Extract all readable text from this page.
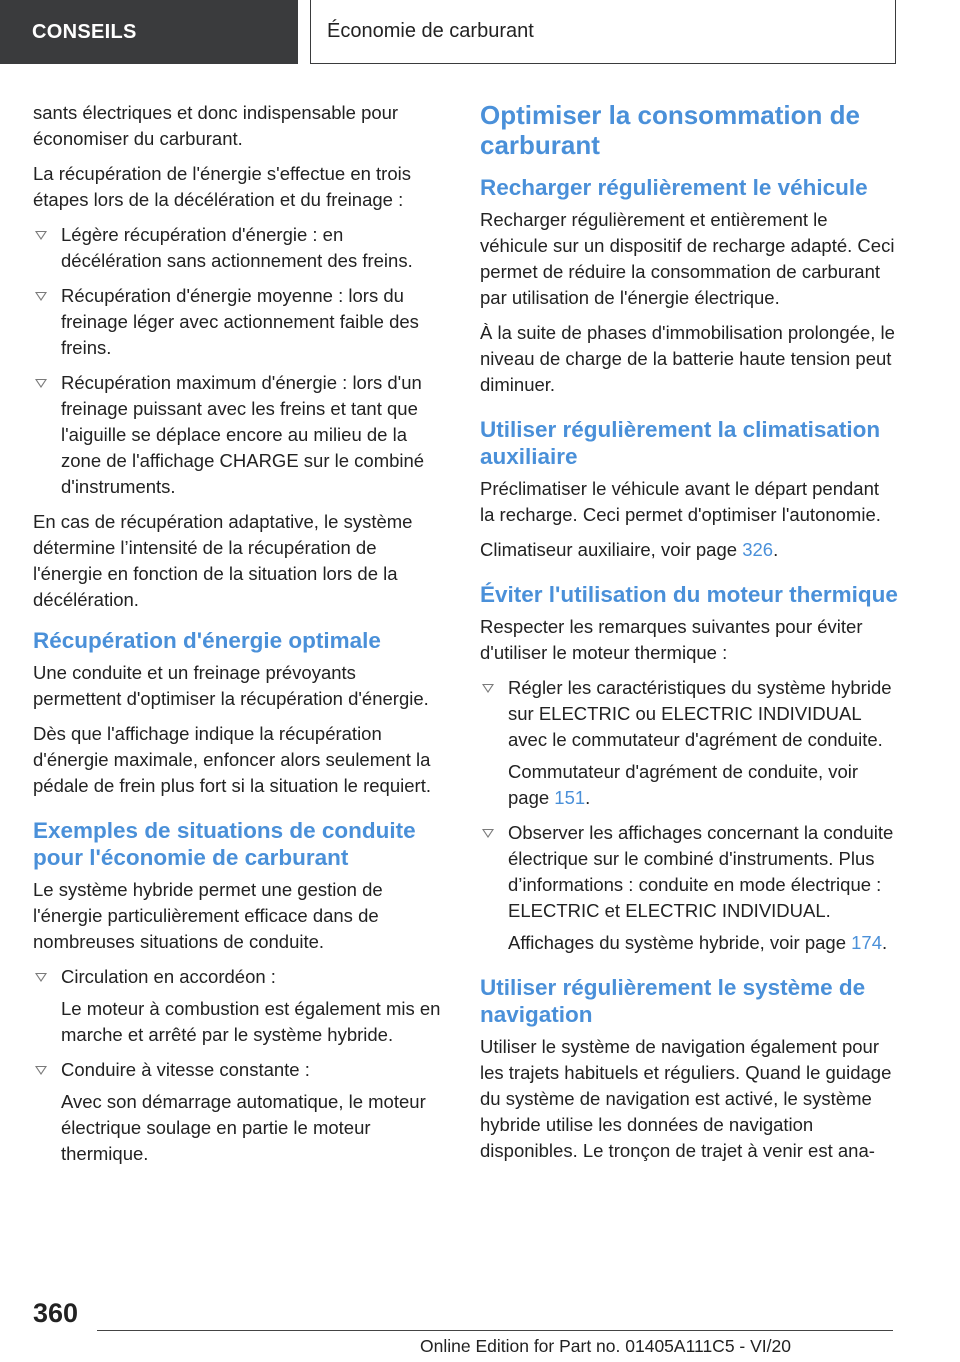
CONSEILS	Économie de carburant

sants électriques et donc indispensable pour économiser du carburant.

La récupération de l'énergie s'effectue en trois étapes lors de la décélération et du freinage :

Légère récupération d'énergie : en décélération sans actionnement des freins.
Récupération d'énergie moyenne : lors du freinage léger avec actionnement faible des freins.
Récupération maximum d'énergie : lors d'un freinage puissant avec les freins et tant que l'aiguille se déplace encore au milieu de la zone de l'affichage CHARGE sur le combiné d'instruments.

En cas de récupération adaptative, le système détermine l’intensité de la récupération de l'énergie en fonction de la situation lors de la décélération.

Récupération d'énergie optimale

Une conduite et un freinage prévoyants permettent d'optimiser la récupération d'énergie.

Dès que l'affichage indique la récupération d'énergie maximale, enfoncer alors seulement la pédale de frein plus fort si la situation le requiert.

Exemples de situations de conduite pour l'économie de carburant

Le système hybride permet une gestion de l'énergie particulièrement efficace dans de nombreuses situations de conduite.

Circulation en accordéon :
Le moteur à combustion est également mis en marche et arrêté par le système hybride.
Conduire à vitesse constante :
Avec son démarrage automatique, le moteur électrique soulage en partie le moteur thermique.
Optimiser la consommation de carburant
Recharger régulièrement le véhicule

Recharger régulièrement et entièrement le véhicule sur un dispositif de recharge adapté. Ceci permet de réduire la consommation de carburant par utilisation de l'énergie électrique.

À la suite de phases d'immobilisation prolongée, le niveau de charge de la batterie haute tension peut diminuer.

Utiliser régulièrement la climatisation auxiliaire

Préclimatiser le véhicule avant le départ pendant la recharge. Ceci permet d'optimiser l'autonomie.

Climatiseur auxiliaire, voir page 326.

Éviter l'utilisation du moteur thermique

Respecter les remarques suivantes pour éviter d'utiliser le moteur thermique :

Régler les caractéristiques du système hybride sur ELECTRIC ou ELECTRIC INDIVIDUAL avec le commutateur d'agrément de conduite.
Commutateur d'agrément de conduite, voir page 151.
Observer les affichages concernant la conduite électrique sur le combiné d'instruments. Plus d’informations : conduite en mode électrique : ELECTRIC et ELECTRIC INDIVIDUAL.
Affichages du système hybride, voir page 174.
Utiliser régulièrement le système de navigation

Utiliser le système de navigation également pour les trajets habituels et réguliers. Quand le guidage du système de navigation est activé, le système hybride utilise les données de navigation disponibles. Le tronçon de trajet à venir est ana-

360
Online Edition for Part no. 01405A111C5 - VI/20
